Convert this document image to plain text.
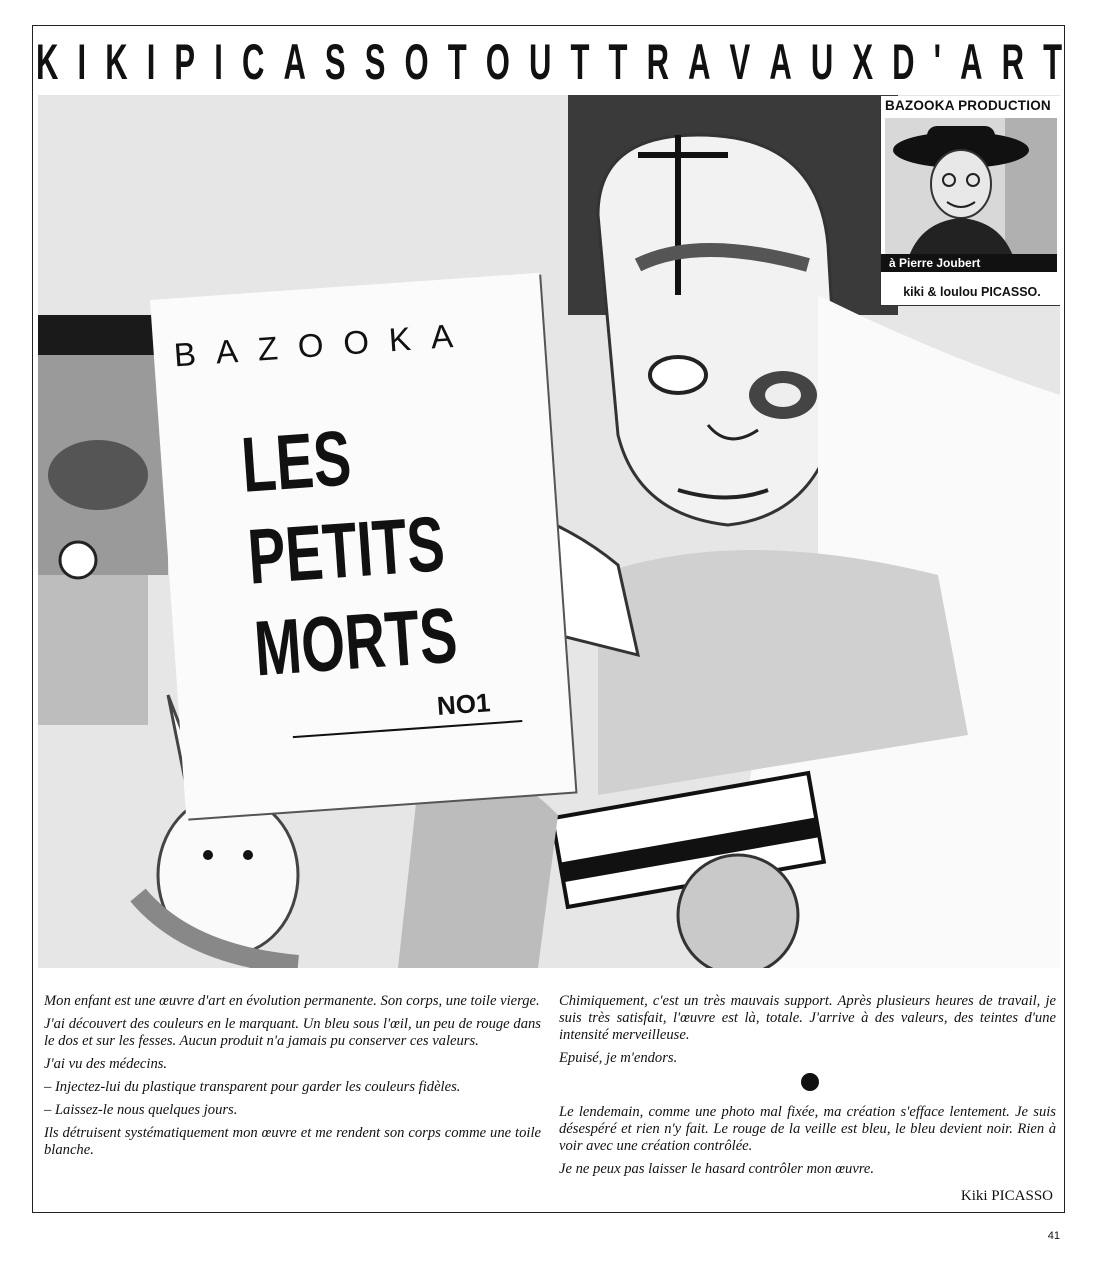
K I K I P I C A S S O T O U T T R A V A U X D ' A R T
BAZOOKA
LES
PETITS
MORTS
NO1
BAZOOKA PRODUCTION
à Pierre Joubert
kiki & loulou PICASSO.

Mon enfant est une œuvre d'art en évolution permanente. Son corps, une toile vierge.

J'ai découvert des couleurs en le marquant. Un bleu sous l'œil, un peu de rouge dans le dos et sur les fesses. Aucun produit n'a jamais pu conserver ces valeurs.

J'ai vu des médecins.

– Injectez-lui du plastique transparent pour garder les couleurs fidèles.

– Laissez-le nous quelques jours.

Ils détruisent systématiquement mon œuvre et me rendent son corps comme une toile blanche.

Chimiquement, c'est un très mauvais support. Après plusieurs heures de travail, je suis très satisfait, l'œuvre est là, totale. J'arrive à des valeurs, des teintes d'une intensité merveilleuse.

Epuisé, je m'endors.

Le lendemain, comme une photo mal fixée, ma création s'efface lentement. Je suis désespéré et rien n'y fait. Le rouge de la veille est bleu, le bleu devient noir. Rien à voir avec une création contrôlée.

Je ne peux pas laisser le hasard contrôler mon œuvre.

Kiki PICASSO
41
